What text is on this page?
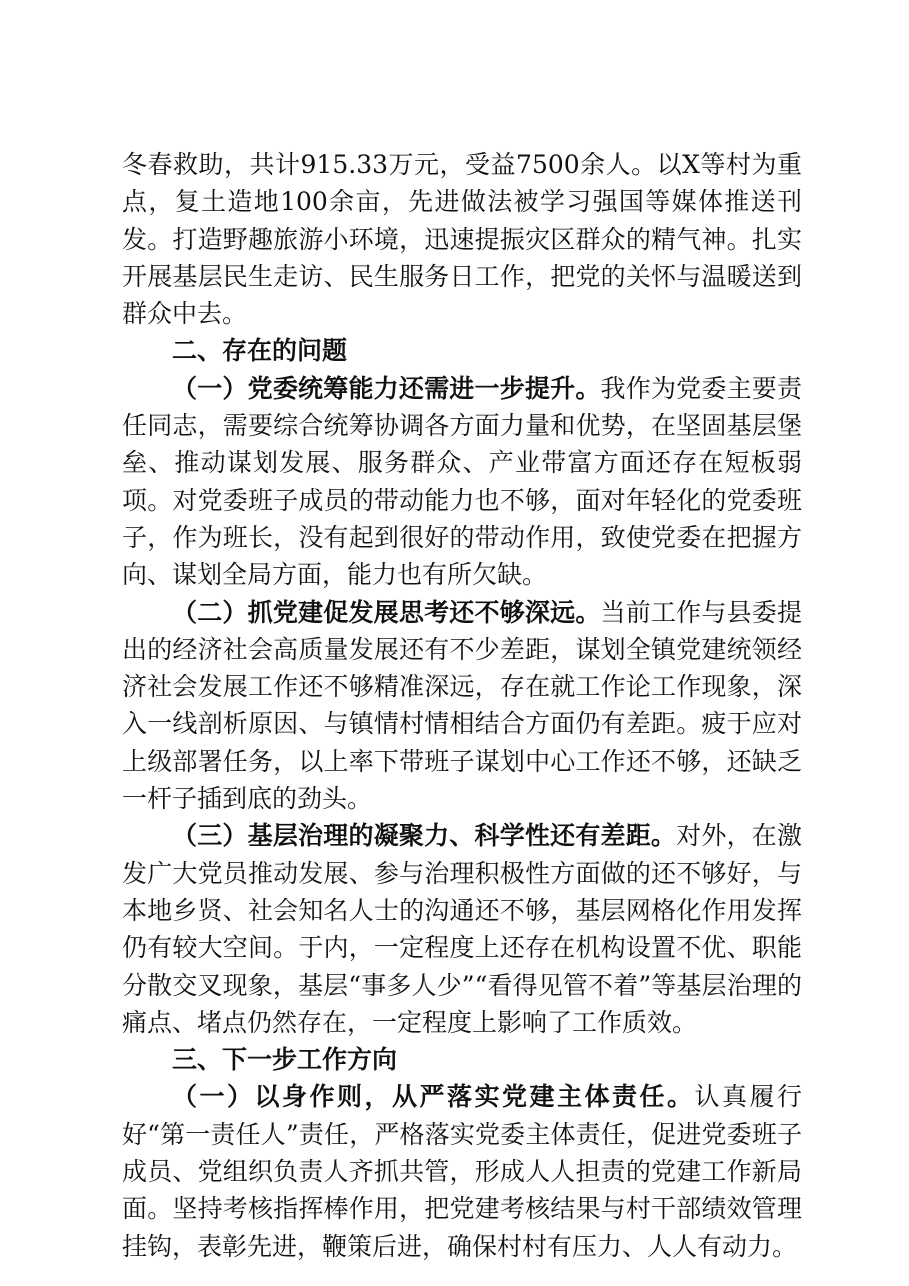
冬春救助，共计915.33万元，受益7500余人。以X等村为重点，复土造地100余亩，先进做法被学习强国等媒体推送刊发。打造野趣旅游小环境，迅速提振灾区群众的精气神。扎实开展基层民生走访、民生服务日工作，把党的关怀与温暖送到群众中去。

二、存在的问题

（一）党委统筹能力还需进一步提升。我作为党委主要责任同志，需要综合统筹协调各方面力量和优势，在坚固基层堡垒、推动谋划发展、服务群众、产业带富方面还存在短板弱项。对党委班子成员的带动能力也不够，面对年轻化的党委班子，作为班长，没有起到很好的带动作用，致使党委在把握方向、谋划全局方面，能力也有所欠缺。

（二）抓党建促发展思考还不够深远。当前工作与县委提出的经济社会高质量发展还有不少差距，谋划全镇党建统领经济社会发展工作还不够精准深远，存在就工作论工作现象，深入一线剖析原因、与镇情村情相结合方面仍有差距。疲于应对上级部署任务，以上率下带班子谋划中心工作还不够，还缺乏一杆子插到底的劲头。

（三）基层治理的凝聚力、科学性还有差距。对外，在激发广大党员推动发展、参与治理积极性方面做的还不够好，与本地乡贤、社会知名人士的沟通还不够，基层网格化作用发挥仍有较大空间。于内，一定程度上还存在机构设置不优、职能分散交叉现象，基层“事多人少”“看得见管不着”等基层治理的痛点、堵点仍然存在，一定程度上影响了工作质效。

三、下一步工作方向

（一）以身作则，从严落实党建主体责任。认真履行好“第一责任人”责任，严格落实党委主体责任，促进党委班子成员、党组织负责人齐抓共管，形成人人担责的党建工作新局面。坚持考核指挥棒作用，把党建考核结果与村干部绩效管理挂钩，表彰先进，鞭策后进，确保村村有压力、人人有动力。
